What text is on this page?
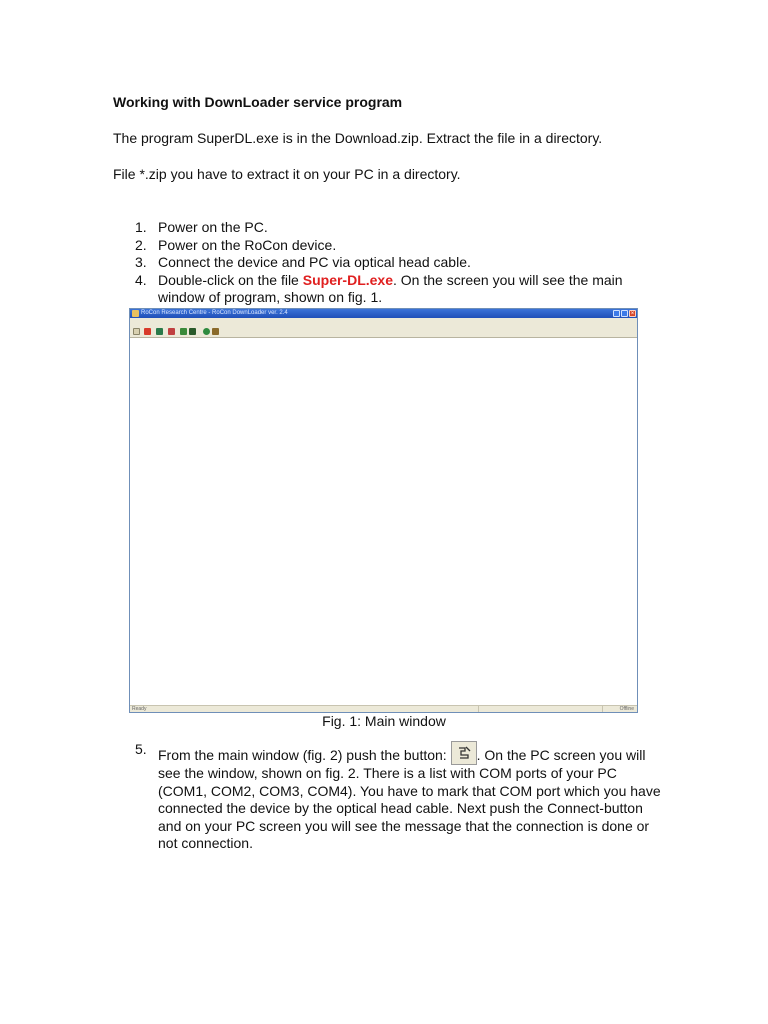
Working with DownLoader service program
The program SuperDL.exe is in the Download.zip. Extract the file in a directory.
File *.zip you have to extract it on your PC in a directory.
1. Power on the PC.
2. Power on the RoCon device.
3. Connect the device and PC via optical head cable.
4. Double-click on the file Super-DL.exe. On the screen you will see the main window of program, shown on fig. 1.
RoCon Research Centre - RoCon DownLoader ver. 2.4	×

Ready	Offline
Fig. 1: Main window
5. From the main window (fig. 2) push the button:
. On the PC screen you will see the window, shown on fig. 2. There is a list with COM ports of your PC (COM1, COM2, COM3, COM4). You have to mark that COM port which you have connected the device by the optical head cable. Next push the Connect-button and on your PC screen you will see the message that the connection is done or not connection.
